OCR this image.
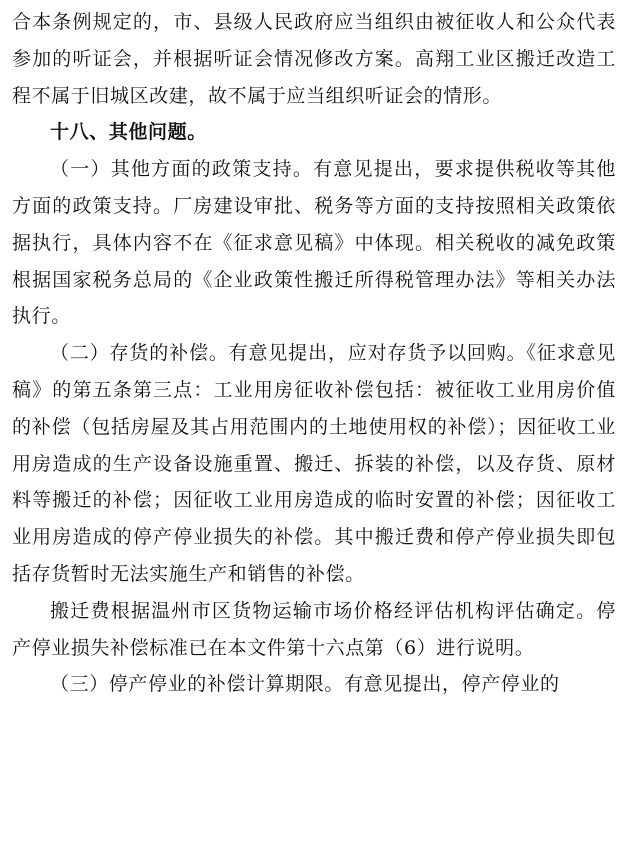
合本条例规定的，市、县级人民政府应当组织由被征收人和公众代表参加的听证会，并根据听证会情况修改方案。高翔工业区搬迁改造工程不属于旧城区改建，故不属于应当组织听证会的情形。

十八、其他问题。

（一）其他方面的政策支持。有意见提出，要求提供税收等其他方面的政策支持。厂房建设审批、税务等方面的支持按照相关政策依据执行，具体内容不在《征求意见稿》中体现。相关税收的减免政策根据国家税务总局的《企业政策性搬迁所得税管理办法》等相关办法执行。

（二）存货的补偿。有意见提出，应对存货予以回购。《征求意见稿》的第五条第三点：工业用房征收补偿包括：被征收工业用房价值的补偿（包括房屋及其占用范围内的土地使用权的补偿）；因征收工业用房造成的生产设备设施重置、搬迁、拆装的补偿，以及存货、原材料等搬迁的补偿；因征收工业用房造成的临时安置的补偿；因征收工业用房造成的停产停业损失的补偿。其中搬迁费和停产停业损失即包括存货暂时无法实施生产和销售的补偿。

搬迁费根据温州市区货物运输市场价格经评估机构评估确定。停产停业损失补偿标准已在本文件第十六点第（6）进行说明。

（三）停产停业的补偿计算期限。有意见提出，停产停业的
